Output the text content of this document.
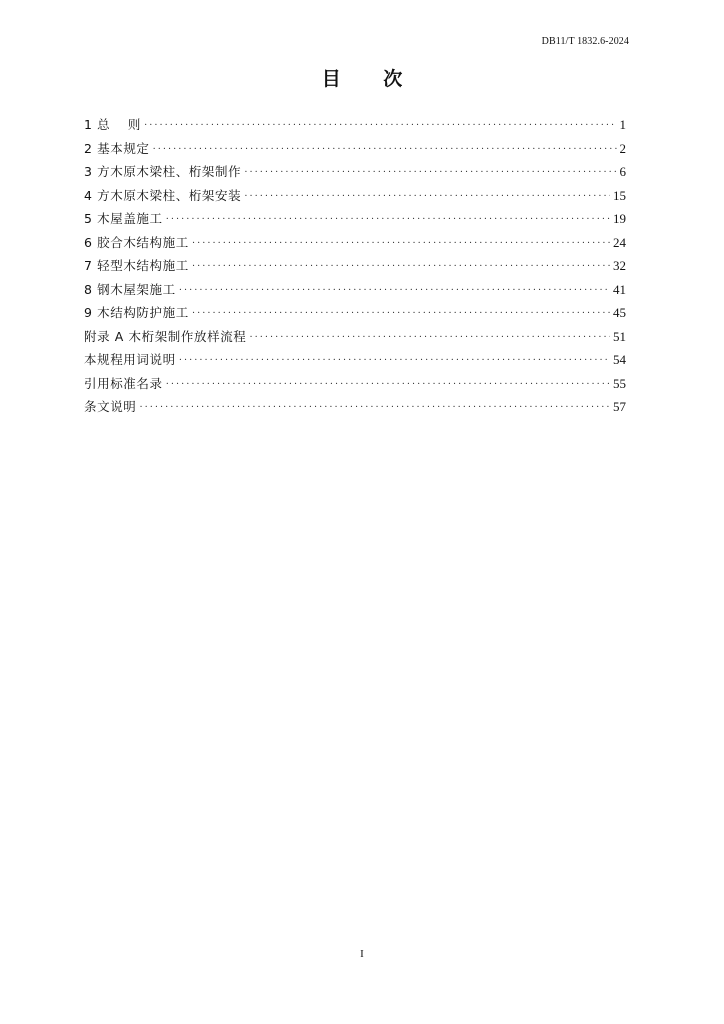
DB11/T 1832.6-2024
目 次
1 总　 则 ·····	1
2 基本规定 ·····	2
3 方木原木梁柱、桁架制作 ·····	6
4 方木原木梁柱、桁架安装 ·····	15
5 木屋盖施工 ·····	19
6 胶合木结构施工 ·····	24
7 轻型木结构施工 ·····	32
8 钢木屋架施工 ·····	41
9 木结构防护施工 ·····	45
附录 A 木桁架制作放样流程 ·····	51
本规程用词说明 ·····	54
引用标准名录 ·····	55
条文说明 ·····	57
I
